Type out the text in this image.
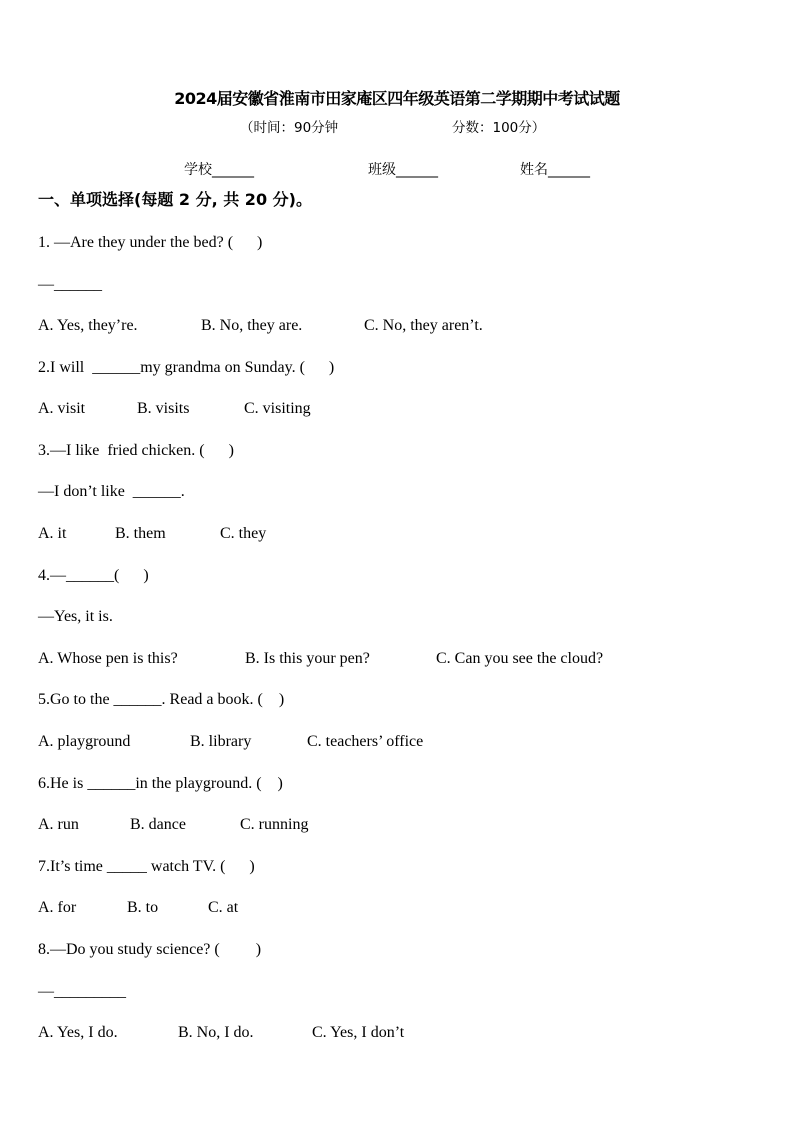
2024届安徽省淮南市田家庵区四年级英语第二学期期中考试试题
（时间：90分钟	分数：100分）
学校______	班级______	姓名______
一、单项选择(每题 2 分, 共 20 分)。
1. —Are they under the bed? (      )
—______
A. Yes, they’re.	B. No, they are.	C. No, they aren’t.
2.I will  ______my grandma on Sunday. (      )
A. visit	B. visits	C. visiting
3.—I like  fried chicken. (      )
—I don’t like  ______.
A. it	B. them	C. they
4.—______(      )
—Yes, it is.
A. Whose pen is this?	B. Is this your pen?	C. Can you see the cloud?
5.Go to the ______. Read a book. (    )
A. playground	B. library	C. teachers’ office
6.He is ______in the playground. (    )
A. run	B. dance	C. running
7.It’s time _____ watch TV. (      )
A. for	B. to	C. at
8.—Do you study science? (         )
—_________
A. Yes, I do.	B. No, I do.	C. Yes, I don’t
